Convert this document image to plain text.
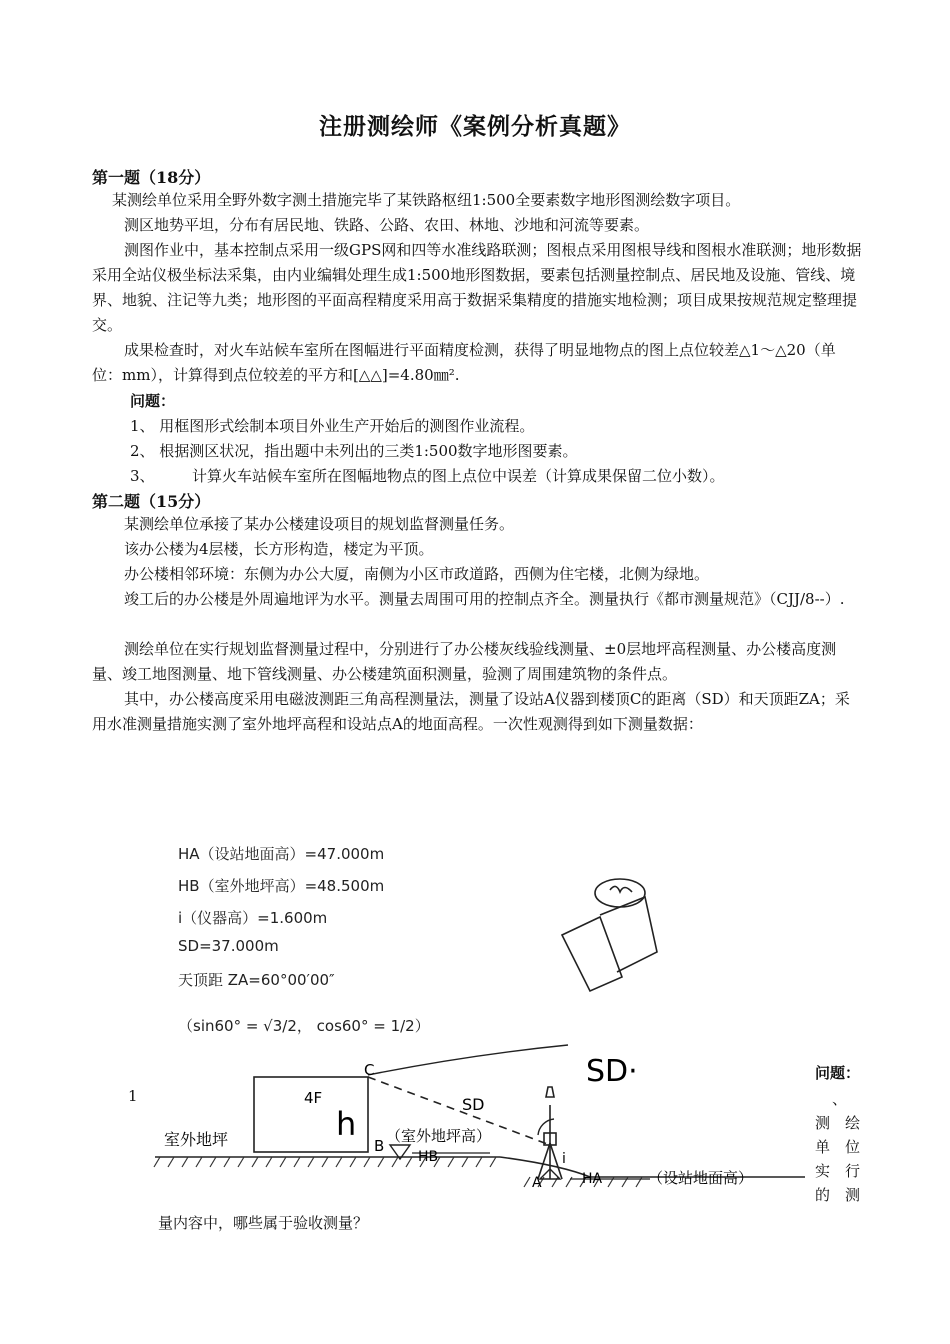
注册测绘师《案例分析真题》
第一题（18分）
某测绘单位采用全野外数字测土措施完毕了某铁路枢纽1:500全要素数字地形图测绘数字项目。
测区地势平坦，分布有居民地、铁路、公路、农田、林地、沙地和河流等要素。
测图作业中，基本控制点采用一级GPS网和四等水准线路联测；图根点采用图根导线和图根水准联测；地形数据采用全站仪极坐标法采集，由内业编辑处理生成1:500地形图数据，要素包括测量控制点、居民地及设施、管线、境界、地貌、注记等九类；地形图的平面高程精度采用高于数据采集精度的措施实地检测；项目成果按规范规定整理提交。
成果检查时，对火车站候车室所在图幅进行平面精度检测，获得了明显地物点的图上点位较差△1～△20（单位：mm），计算得到点位较差的平方和[△△]=4.80㎜².
问题：
1、 用框图形式绘制本项目外业生产开始后的测图作业流程。
2、 根据测区状况，指出题中未列出的三类1:500数字地形图要素。
3、 计算火车站候车室所在图幅地物点的图上点位中误差（计算成果保留二位小数）。
第二题（15分）
某测绘单位承接了某办公楼建设项目的规划监督测量任务。
该办公楼为4层楼，长方形构造，楼定为平顶。
办公楼相邻环境：东侧为办公大厦，南侧为小区市政道路，西侧为住宅楼，北侧为绿地。
竣工后的办公楼是外周遍地评为水平。测量去周围可用的控制点齐全。测量执行《都市测量规范》（CJJ/8--）.
测绘单位在实行规划监督测量过程中，分别进行了办公楼灰线验线测量、±0层地坪高程测量、办公楼高度测量、竣工地图测量、地下管线测量、办公楼建筑面积测量，验测了周围建筑物的条件点。
其中，办公楼高度采用电磁波测距三角高程测量法，测量了设站A仪器到楼顶C的距离（SD）和天顶距ZA；采用水准测量措施实测了室外地坪高程和设站点A的地面高程。一次性观测得到如下测量数据：
HA（设站地面高）=47.000m
HB（室外地坪高）=48.500m
i（仪器高）=1.600m
SD=37.000m
天顶距 ZA=60°00′00″
（sin60° = √3/2， cos60° = 1/2）
4F
室外地坪	（室外地坪高）
（设站地面高）
SD
C
B
A
HB
HA
i
h
SD·
1
问题：
、
测　绘
单　位
实　行
的　测
量内容中，哪些属于验收测量？
